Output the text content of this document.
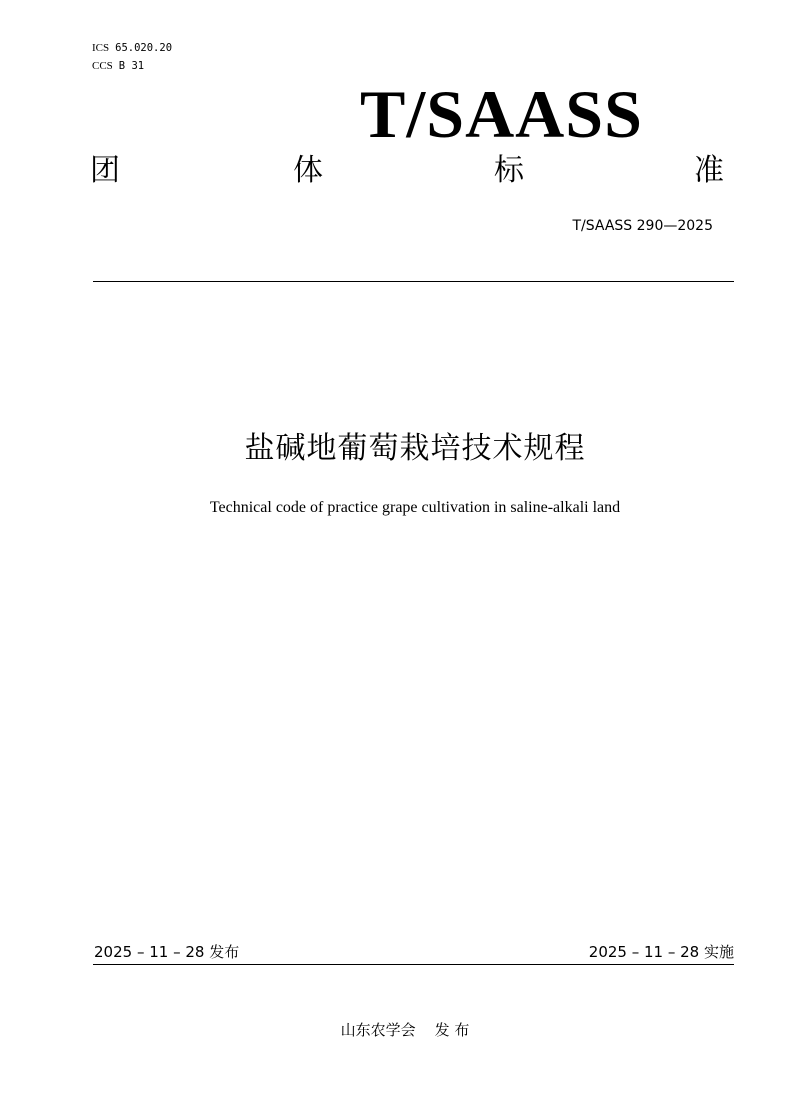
ICS 65.020.20
CCS B 31
T/SAASS
团	体	标	准
T/SAASS 290—2025
盐碱地葡萄栽培技术规程
Technical code of practice grape cultivation in saline-alkali land
2025 – 11 – 28 发布	2025 – 11 – 28 实施
山东农学会    发 布
